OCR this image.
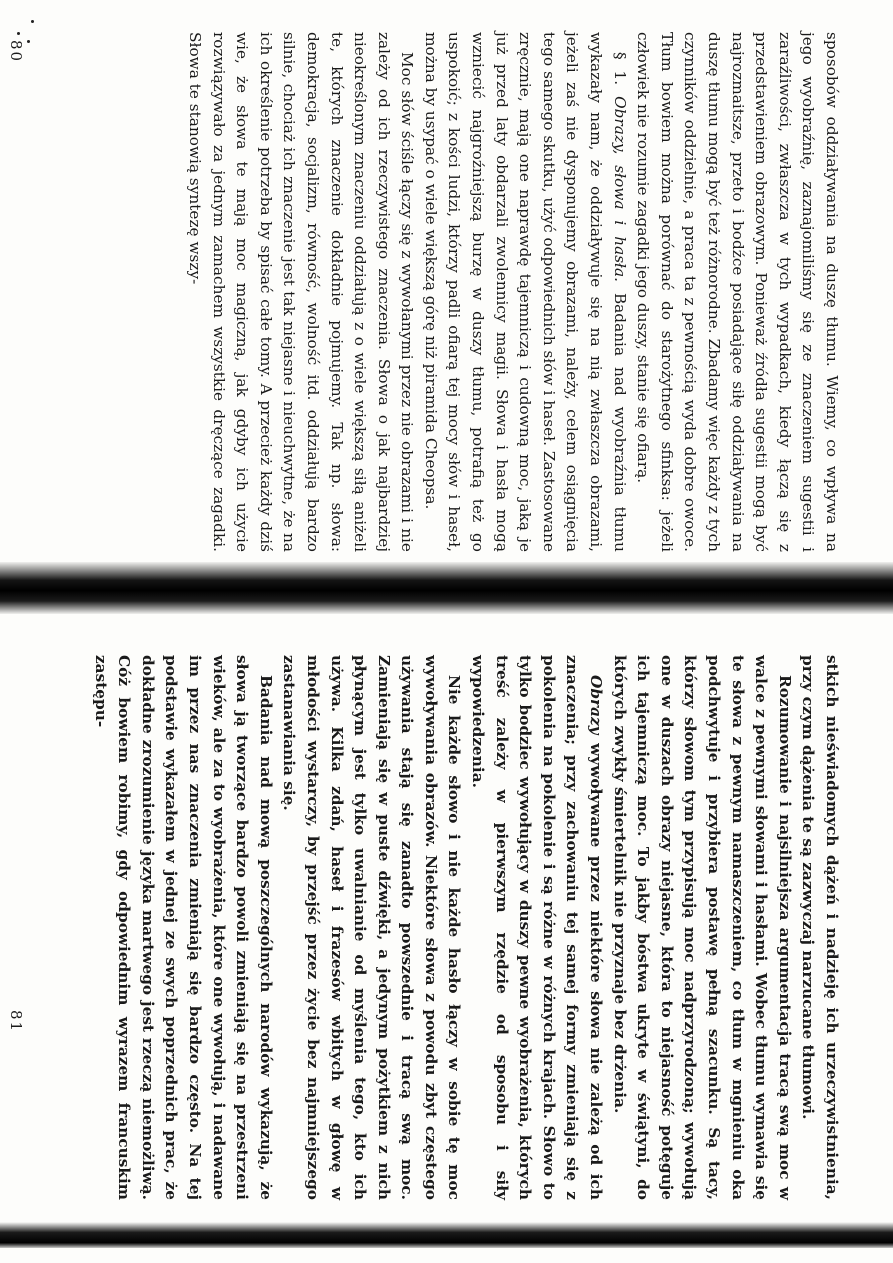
sposobów oddziaływania na duszę tłumu. Wiemy, co wpływa na jego wyobraźnię, zaznajomiliśmy się ze znaczeniem sugestii i zaraźliwości, zwłaszcza w tych wypadkach, kiedy łączą się z przedstawieniem obrazowym. Ponieważ źródła sugestii mogą być najrozmaitsze, przeto i bodźce posiadające siłę oddziaływania na duszę tłumu mogą być też różnorodne. Zbadamy więc każdy z tych czynników oddzielnie, a praca ta z pewnością wyda dobre owoce. Tłum bowiem można porównać do starożytnego sfinksa: jeżeli człowiek nie rozumie zagadki jego duszy, stanie się ofiarą.

§ 1. Obrazy, słowa i hasła. Badania nad wyobraźnia tłumu wykazały nam, że oddziaływuje się na nią zwłaszcza obrazami, jeżeli zaś nie dysponujemy obrazami, należy, celem osiągnięcia tego samego skutku, użyć odpowiednich słów i haseł. Zastosowane zręcznie, mają one naprawdę tajemniczą i cudowną moc, jaką je już przed laty obdarzali zwolennicy magii. Słowa i hasła mogą wzniecić najgroźniejszą burzę w duszy tłumu, potrafią też go uspokoić; z kości ludzi, którzy padli ofiarą tej mocy słów i haseł, można by usypać o wiele większą górę niż piramida Cheopsa.

Moc słów ściśle łączy się z wywołanymi przez nie obrazami i nie zależy od ich rzeczywistego znaczenia. Słowa o jak najbardziej nieokreślonym znaczeniu oddziałują z o wiele większą siłą aniżeli te, których znaczenie dokładnie pojmujemy. Tak np. słowa: demokracja, socjalizm, równość, wolność itd. oddziałują bardzo silnie, chociaż ich znaczenie jest tak niejasne i nieuchwytne, że na ich określenie potrzeba by spisać całe tomy. A przecież każdy dziś wie, że słowa te mają moc magiczną, jak gdyby ich użycie rozwiązywało za jednym zamachem wszystkie dręczące zagadki. Słowa te stanowią syntezę wszy-

80

stkich nieświadomych dążeń i nadzieję ich urzeczywistnienia, przy czym dążenia te są zazwyczaj narzucane tłumowi.

Rozumowanie i najsilniejsza argumentacja tracą swą moc w walce z pewnymi słowami i hasłami. Wobec tłumu wymawia się te słowa z pewnym namaszczeniem, co tłum w mgnieniu oka podchwytuje i przybiera postawę pełną szacunku. Są tacy, którzy słowom tym przypisują moc nadprzyrodzoną; wywołują one w duszach obrazy niejasne, która to niejasność potęguje ich tajemniczą moc. To jakby bóstwa ukryte w świątyni, do których zwykły śmiertelnik nie przyznaje bez drżenia.

Obrazy wywoływane przez niektóre słowa nie zależą od ich znaczenia; przy zachowaniu tej samej formy zmieniają się z pokolenia na pokolenie i są różne w różnych krajach. Słowo to tylko bodziec wywołujący w duszy pewne wyobrażenia, których treść zależy w pierwszym rzędzie od sposobu i siły wypowiedzenia.

Nie każde słowo i nie każde hasło łączy w sobie tę moc wywoływania obrazów. Niektóre słowa z powodu zbyt częstego używania stają się zanadto powszednie i tracą swą moc. Zamieniają się w puste dźwięki, a jedynym pożytkiem z nich płynącym jest tylko uwalnianie od myślenia tego, kto ich używa. Kilka zdań, haseł i frazesów wbitych w głowę w młodości wystarczy, by przejść przez życie bez najmniejszego zastanawiania się.

Badania nad mową poszczególnych narodów wykazują, że słowa ją tworzące bardzo powoli zmieniają się na przestrzeni wieków, ale za to wyobrażenia, które one wywołują, i nadawane im przez nas znaczenia zmieniają się bardzo często. Na tej podstawie wykazałem w jednej ze swych poprzednich prac, że dokładne zrozumienie języka martwego jest rzeczą niemożliwą. Cóż bowiem robimy, gdy odpowiednim wyrazem francuskim zastępu-

81
